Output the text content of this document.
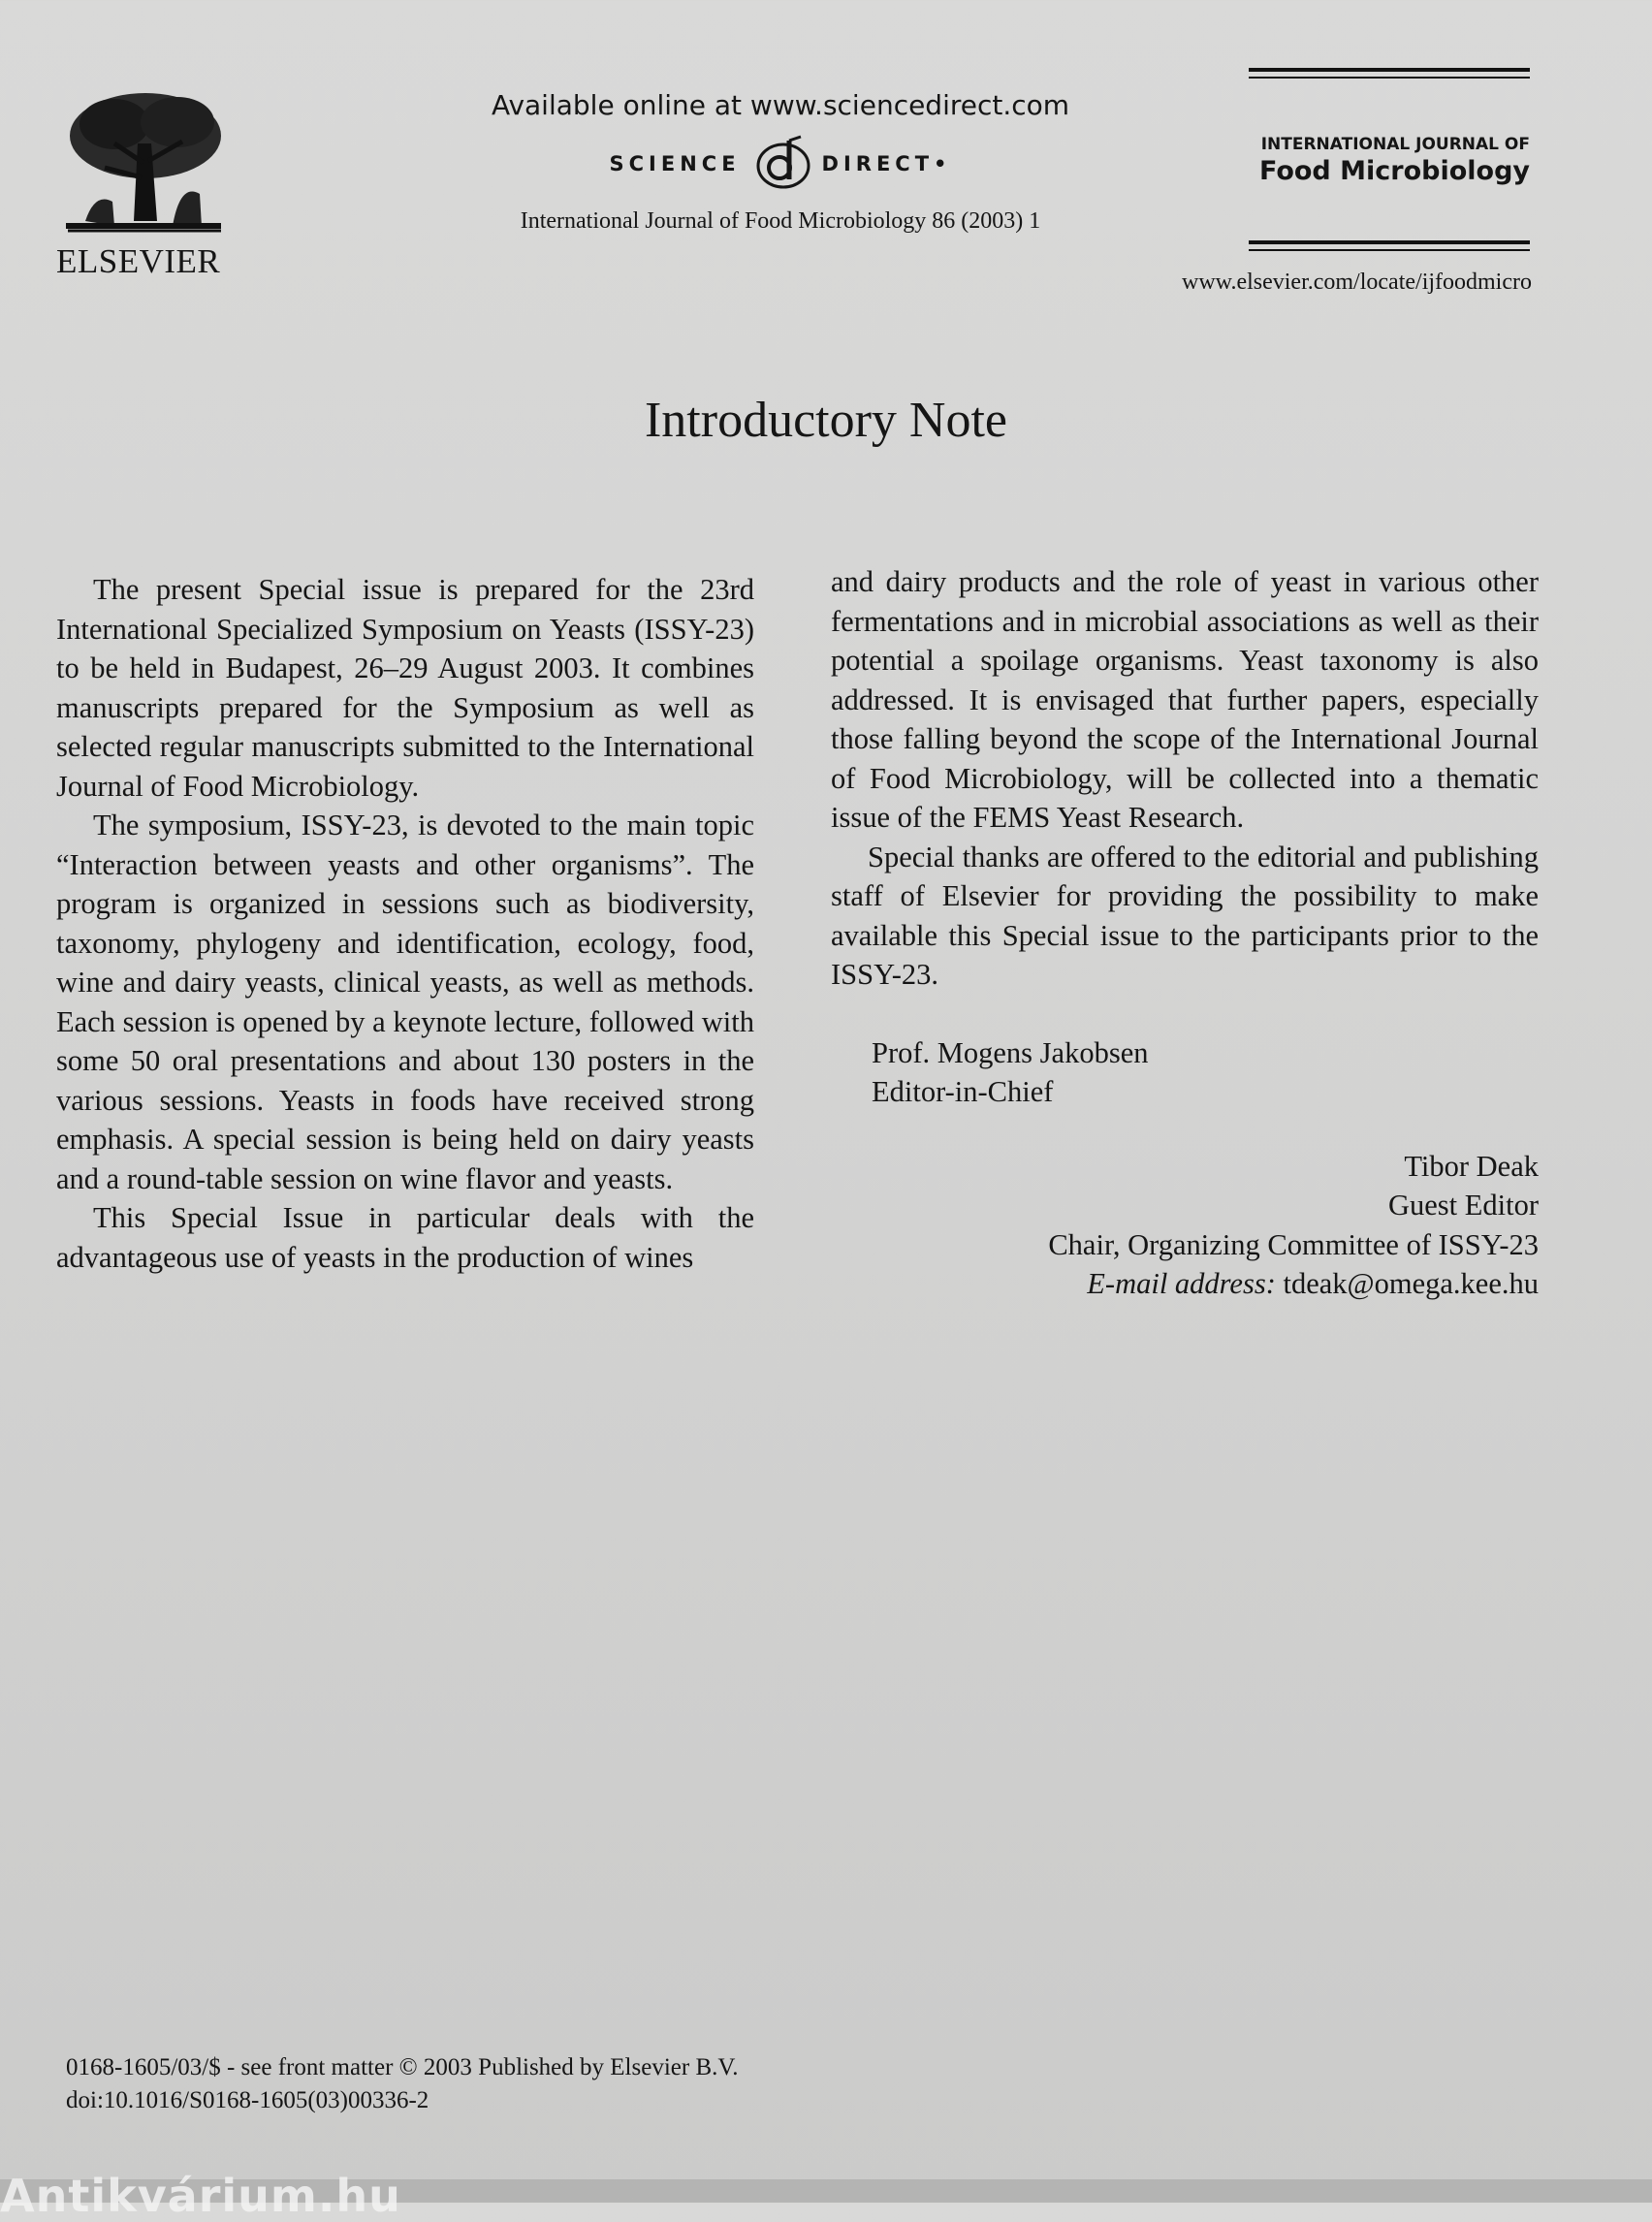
ELSEVIER
Available online at www.sciencedirect.com
SCIENCE	DIRECT•
International Journal of Food Microbiology 86 (2003) 1
INTERNATIONAL JOURNAL OF
Food Microbiology
www.elsevier.com/locate/ijfoodmicro
Introductory Note

The present Special issue is prepared for the 23rd International Specialized Symposium on Yeasts (ISSY-23) to be held in Budapest, 26–29 August 2003. It combines manuscripts prepared for the Symposium as well as selected regular manuscripts submitted to the International Journal of Food Microbiology.

The symposium, ISSY-23, is devoted to the main topic “Interaction between yeasts and other organisms”. The program is organized in sessions such as biodiversity, taxonomy, phylogeny and identification, ecology, food, wine and dairy yeasts, clinical yeasts, as well as methods. Each session is opened by a keynote lecture, followed with some 50 oral presentations and about 130 posters in the various sessions. Yeasts in foods have received strong emphasis. A special session is being held on dairy yeasts and a round-table session on wine flavor and yeasts.

This Special Issue in particular deals with the advantageous use of yeasts in the production of wines

and dairy products and the role of yeast in various other fermentations and in microbial associations as well as their potential a spoilage organisms. Yeast taxonomy is also addressed. It is envisaged that further papers, especially those falling beyond the scope of the International Journal of Food Microbiology, will be collected into a thematic issue of the FEMS Yeast Research.

Special thanks are offered to the editorial and publishing staff of Elsevier for providing the possibility to make available this Special issue to the participants prior to the ISSY-23.

Prof. Mogens Jakobsen
Editor-in-Chief
Tibor Deak
Guest Editor
Chair, Organizing Committee of ISSY-23
E-mail address: tdeak@omega.kee.hu
0168-1605/03/$ - see front matter © 2003 Published by Elsevier B.V.
doi:10.1016/S0168-1605(03)00336-2
Antikvárium.hu
